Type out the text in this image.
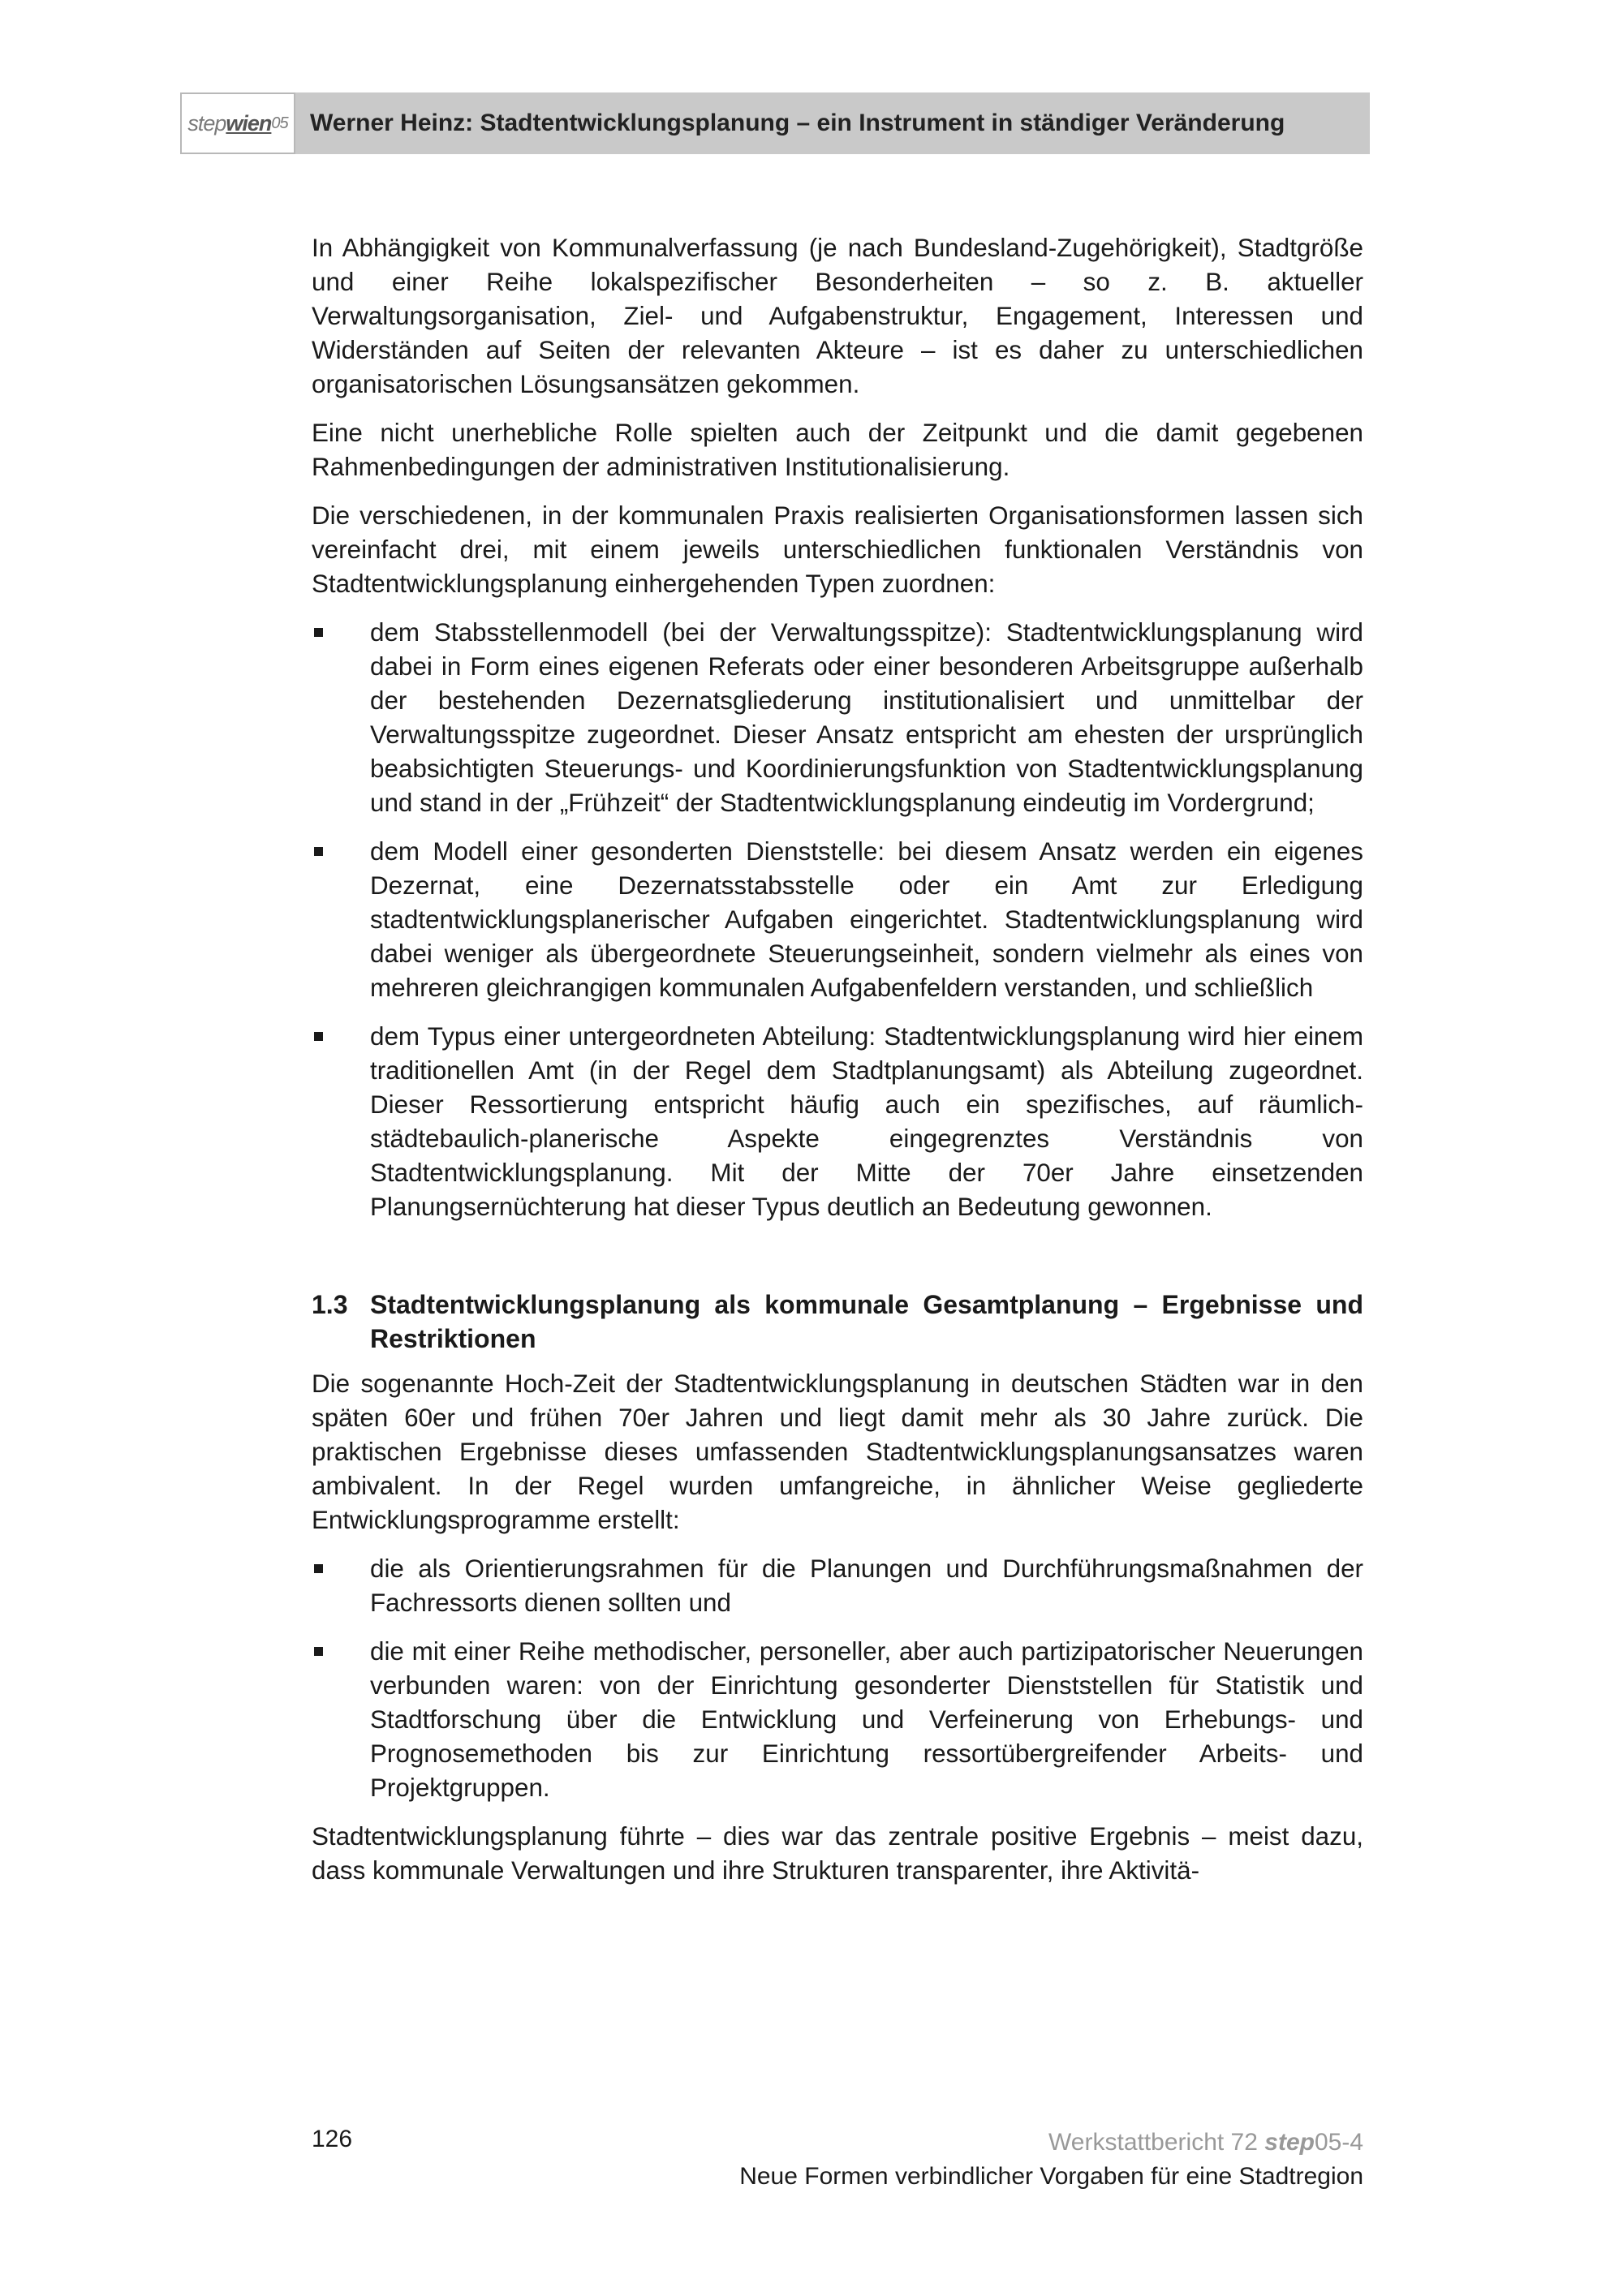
step wien 05 Werner Heinz: Stadtentwicklungsplanung – ein Instrument in ständiger Veränderung

In Abhängigkeit von Kommunalverfassung (je nach Bundesland-Zugehörigkeit), Stadtgröße und einer Reihe lokalspezifischer Besonderheiten – so z. B. aktueller Verwaltungsorganisation, Ziel- und Aufgabenstruktur, Engagement, Interessen und Widerständen auf Seiten der relevanten Akteure – ist es daher zu unterschiedlichen organisatorischen Lösungsansätzen gekommen.

Eine nicht unerhebliche Rolle spielten auch der Zeitpunkt und die damit gegebenen Rahmenbedingungen der administrativen Institutionalisierung.

Die verschiedenen, in der kommunalen Praxis realisierten Organisationsformen lassen sich vereinfacht drei, mit einem jeweils unterschiedlichen funktionalen Verständnis von Stadtentwicklungsplanung einhergehenden Typen zuordnen:

dem Stabsstellenmodell (bei der Verwaltungsspitze): Stadtentwicklungsplanung wird dabei in Form eines eigenen Referats oder einer besonderen Arbeitsgruppe außerhalb der bestehenden Dezernatsgliederung institutionalisiert und unmittelbar der Verwaltungsspitze zugeordnet. Dieser Ansatz entspricht am ehesten der ursprünglich beabsichtigten Steuerungs- und Koordinierungsfunktion von Stadtentwicklungsplanung und stand in der „Frühzeit“ der Stadtentwicklungsplanung eindeutig im Vordergrund;
dem Modell einer gesonderten Dienststelle: bei diesem Ansatz werden ein eigenes Dezernat, eine Dezernatsstabsstelle oder ein Amt zur Erledigung stadtentwicklungsplanerischer Aufgaben eingerichtet. Stadtentwicklungsplanung wird dabei weniger als übergeordnete Steuerungseinheit, sondern vielmehr als eines von mehreren gleichrangigen kommunalen Aufgabenfeldern verstanden, und schließlich
dem Typus einer untergeordneten Abteilung: Stadtentwicklungsplanung wird hier einem traditionellen Amt (in der Regel dem Stadtplanungsamt) als Abteilung zugeordnet. Dieser Ressortierung entspricht häufig auch ein spezifisches, auf räumlich-städtebaulich-planerische Aspekte eingegrenztes Verständnis von Stadtentwicklungsplanung. Mit der Mitte der 70er Jahre einsetzenden Planungsernüchterung hat dieser Typus deutlich an Bedeutung gewonnen.
1.3 Stadtentwicklungsplanung als kommunale Gesamtplanung – Ergebnisse und Restriktionen

Die sogenannte Hoch-Zeit der Stadtentwicklungsplanung in deutschen Städten war in den späten 60er und frühen 70er Jahren und liegt damit mehr als 30 Jahre zurück. Die praktischen Ergebnisse dieses umfassenden Stadtentwicklungsplanungsansatzes waren ambivalent. In der Regel wurden umfangreiche, in ähnlicher Weise gegliederte Entwicklungsprogramme erstellt:

die als Orientierungsrahmen für die Planungen und Durchführungsmaßnahmen der Fachressorts dienen sollten und
die mit einer Reihe methodischer, personeller, aber auch partizipatorischer Neuerungen verbunden waren: von der Einrichtung gesonderter Dienststellen für Statistik und Stadtforschung über die Entwicklung und Verfeinerung von Erhebungs- und Prognosemethoden bis zur Einrichtung ressortübergreifender Arbeits- und Projektgruppen.

Stadtentwicklungsplanung führte – dies war das zentrale positive Ergebnis – meist dazu, dass kommunale Verwaltungen und ihre Strukturen transparenter, ihre Aktivitä-

126	Werkstattbericht 72 step05-4
Neue Formen verbindlicher Vorgaben für eine Stadtregion
